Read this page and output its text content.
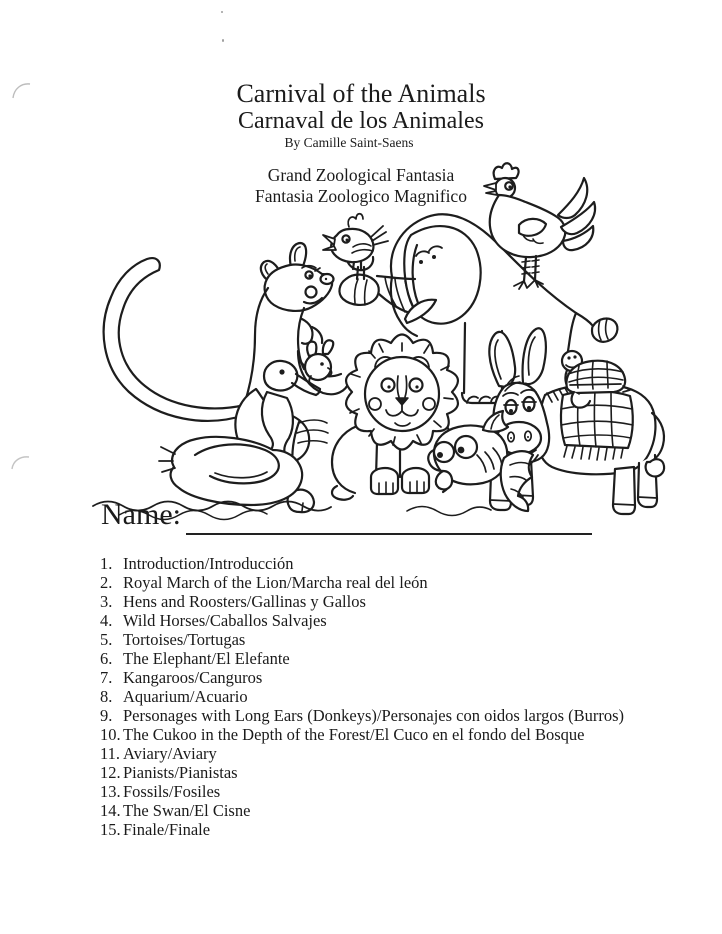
Carnival of the Animals
Carnaval de los Animales
By Camille Saint-Saens
Grand Zoological Fantasia
Fantasia Zoologico Magnifico
Name:
1. Introduction/Introducción
2. Royal March of the Lion/Marcha real del león
3. Hens and Roosters/Gallinas y Gallos
4. Wild Horses/Caballos Salvajes
5. Tortoises/Tortugas
6. The Elephant/El Elefante
7. Kangaroos/Canguros
8. Aquarium/Acuario
9. Personages with Long Ears (Donkeys)/Personajes con oidos largos (Burros)
10. The Cukoo in the Depth of the Forest/El Cuco en el fondo del Bosque
11. Aviary/Aviary
12. Pianists/Pianistas
13. Fossils/Fosiles
14. The Swan/El Cisne
15. Finale/Finale
